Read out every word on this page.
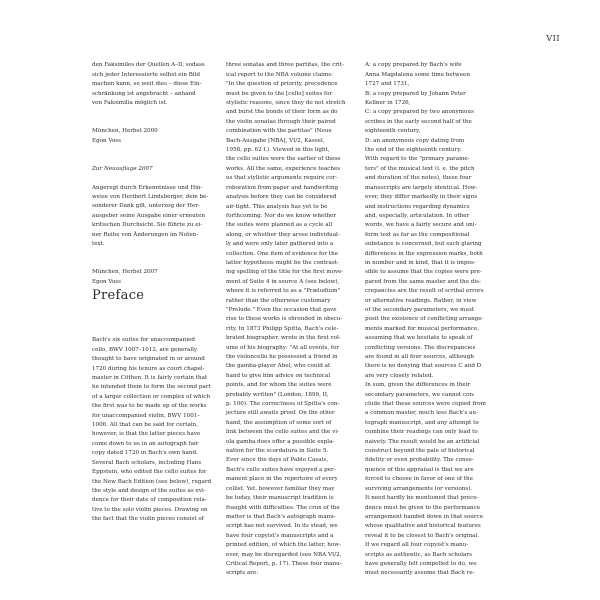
VII

den Faksimiles der Quellen A–D, sodass
sich jeder Interessierte selbst ein Bild
machen kann, so weit dies – diese Ein-
schränkung ist angebracht – anhand
von Faksimilia möglich ist.

München, Herbst 2000
Egon Voss

Zur Neuauflage 2007

Angeregt durch Erkenntnisse und Hin-
weise von Heribert Lindsberger, dem be-
sonderer Dank gilt, unterzog der Her-
ausgeber seine Ausgabe einer erneuten
kritischen Durchsicht. Sie führte zu ei-
ner Reihe von Änderungen im Noten-
text.

München, Herbst 2007
Egon Voss

Preface

Bach's six suites for unaccompanied
cello, BWV 1007–1012, are generally
thought to have originated in or around
1720 during his tenure as court chapel-
master in Cöthen. It is fairly certain that
he intended them to form the second part
of a larger collection or complex of which
the first was to be made up of the works
for unaccompanied violin, BWV 1001–
1006. All that can be said for certain,
however, is that the latter pieces have
come down to us in an autograph fair
copy dated 1720 in Bach's own hand.
Several Bach scholars, including Hans
Eppstein, who edited the cello suites for
the New Bach Edition (see below), regard
the style and design of the suites as evi-
dence for their date of composition rela-
tive to the solo violin pieces. Drawing on
the fact that the violin pieces consist of

three sonatas and three partitas, the crit-
ical report to the NBA volume claims:
"In the question of priority, precedence
must be given to the [cello] suites for
stylistic reasons, since they do not stretch
and burst the bonds of their form as do
the violin sonatas through their paired
combination with the partitas" (Neue
Bach-Ausgabe [NBA], VI/2, Kassel,
1958, pp. 62 f.). Viewed in this light,
the cello suites were the earlier of these
works. All the same, experience teaches
us that stylistic arguments require cor-
roboration from paper and handwriting
analysis before they can be considered
air-tight. This analysis has yet to be
forthcoming. Nor do we know whether
the suites were planned as a cycle all
along, or whether they arose individual-
ly and were only later gathered into a
collection. One item of evidence for the
latter hypothesis might be the contrast-
ing spelling of the title for the first move-
ment of Suite 4 in source A (see below),
where it is referred to as a "Præludium"
rather than the otherwise customary
"Prelude." Even the occasion that gave
rise to these works is shrouded in obscu-
rity. In 1873 Philipp Spitta, Bach's cele-
brated biographer, wrote in the first vol-
ume of his biography: "At all events, for
the violoncello he possessed a friend in
the gamba-player Abel, who could at
hand to give him advice on technical
points, and for whom the suites were
probably written" (London, 1899, II,
p. 100). The correctness of Spitta's con-
jecture still awaits proof. On the other
hand, the assumption of some sort of
link between the cello suites and the vi-
ola gamba does offer a possible expla-
nation for the scordatura in Suite 5.
Ever since the days of Pablo Casals,
Bach's cello suites have enjoyed a per-
manent place in the repertoire of every
cellist. Yet, however familiar they may
be today, their manuscript tradition is
fraught with difficulties. The crux of the
matter is that Bach's autograph manu-
script has not survived. In its stead, we
have four copyist's manuscripts and a
printed edition, of which the latter, how-
ever, may be disregarded (see NBA VI/2,
Critical Report, p. 17). These four manu-
scripts are:

A: a copy prepared by Bach's wife
Anna Magdalena some time between
1727 and 1731,
B: a copy prepared by Johann Peter
Kellner in 1726,
C: a copy prepared by two anonymous
scribes in the early second half of the
eighteenth century,
D: an anonymous copy dating from
the end of the eighteenth century.
With regard to the "primary parame-
ters" of the musical text (i. e. the pitch
and duration of the notes), these four
manuscripts are largely identical. How-
ever, they differ markedly in their signs
and instructions regarding dynamics
and, especially, articulation. In other
words, we have a fairly secure and uni-
form text as far as the compositional
substance is concerned, but such glaring
differences in the expression marks, both
in number and in kind, that it is impos-
sible to assume that the copies were pre-
pared from the same master and the dis-
crepancies are the result of scribal errors
or alternative readings. Rather, in view
of the secondary parameters, we must
posit the existence of conflicting arrange-
ments marked for musical performance,
assuming that we hesitate to speak of
conflicting versions. The discrepancies
are found in all four sources, although
there is no denying that sources C and D
are very closely related.
In sum, given the differences in their
secondary parameters, we cannot con-
clude that these sources were copied from
a common master, much less Bach's au-
tograph manuscript, and any attempt to
combine their readings can only lead to
naivety. The result would be an artificial
construct beyond the pale of historical
fidelity or even probability. The conse-
quence of this appraisal is that we are
forced to choose in favor of one of the
surviving arrangements (or versions).
It need hardly be mentioned that prece-
dence must be given to the performance
arrangement handed down in that source
whose qualitative and historical features
reveal it to be closest to Bach's original.
If we regard all four copyist's manu-
scripts as authentic, as Bach scholars
have generally felt compelled to do, we
must necessarily assume that Bach re-
